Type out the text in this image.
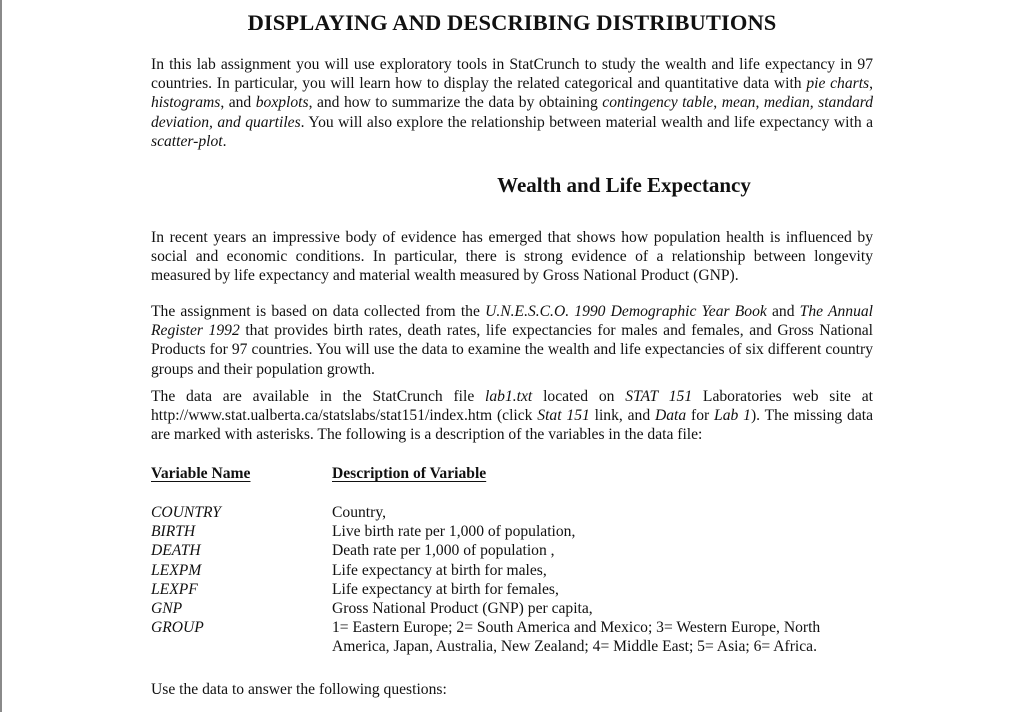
DISPLAYING AND DESCRIBING DISTRIBUTIONS

In this lab assignment you will use exploratory tools in StatCrunch to study the wealth and life expectancy in 97 countries. In particular, you will learn how to display the related categorical and quantitative data with pie charts, histograms, and boxplots, and how to summarize the data by obtaining contingency table, mean, median, standard deviation, and quartiles. You will also explore the relationship between material wealth and life expectancy with a scatter-plot.

Wealth and Life Expectancy

In recent years an impressive body of evidence has emerged that shows how population health is influenced by social and economic conditions. In particular, there is strong evidence of a relationship between longevity measured by life expectancy and material wealth measured by Gross National Product (GNP).

The assignment is based on data collected from the U.N.E.S.C.O. 1990 Demographic Year Book and The Annual Register 1992 that provides birth rates, death rates, life expectancies for males and females, and Gross National Products for 97 countries. You will use the data to examine the wealth and life expectancies of six different country groups and their population growth.

The data are available in the StatCrunch file lab1.txt located on STAT 151 Laboratories web site at http://www.stat.ualberta.ca/statslabs/stat151/index.htm (click Stat 151 link, and Data for Lab 1). The missing data are marked with asterisks. The following is a description of the variables in the data file:

Variable Name	Description of Variable
COUNTRY	Country,
BIRTH	Live birth rate per 1,000 of population,
DEATH	Death rate per 1,000 of population ,
LEXPM	Life expectancy at birth for males,
LEXPF	Life expectancy at birth for females,
GNP	Gross National Product (GNP) per capita,
GROUP	1= Eastern Europe; 2= South America and Mexico; 3= Western Europe, North America, Japan, Australia, New Zealand; 4= Middle East; 5= Asia; 6= Africa.

Use the data to answer the following questions:
